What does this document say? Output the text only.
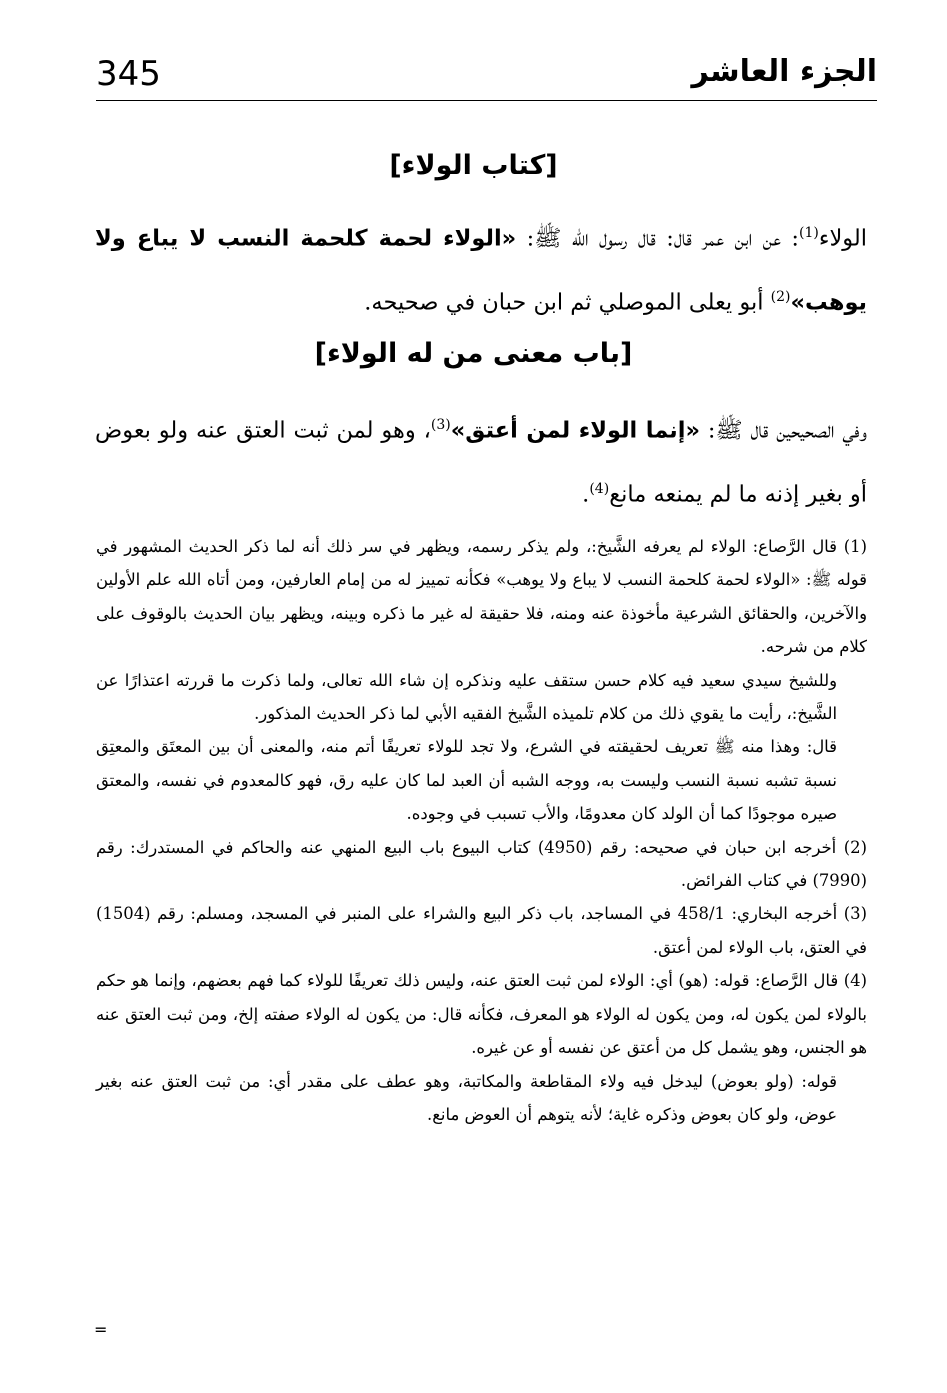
345	الجزء العاشر
[كتاب الولاء]
الولاء$^{(1)}$: عن ابن عمر قال: قال رسول الله ﷺ: «الولاء لحمة كلحمة النسب لا يباع ولا يوهب»$^{(2)}$ أبو يعلى الموصلي ثم ابن حبان في صحيحه.
[باب معنى من له الولاء]
وفي الصحيحين قال ﷺ: «إنما الولاء لمن أعتق»$^{(3)}$، وهو لمن ثبت العتق عنه ولو بعوض أو بغير إذنه ما لم يمنعه مانع$^{(4)}$.
(1) قال الرَّصاع: الولاء لم يعرفه الشَّيخ:، ولم يذكر رسمه، ويظهر في سر ذلك أنه لما ذكر الحديث المشهور في قوله ﷺ: «الولاء لحمة كلحمة النسب لا يباع ولا يوهب» فكأنه تمييز له من إمام العارفين، ومن أتاه الله علم الأولين والآخرين، والحقائق الشرعية مأخوذة عنه ومنه، فلا حقيقة له غير ما ذكره وبينه، ويظهر بيان الحديث بالوقوف على كلام من شرحه.
وللشيخ سيدي سعيد فيه كلام حسن ستقف عليه ونذكره إن شاء الله تعالى، ولما ذكرت ما قررته اعتذارًا عن الشَّيخ:، رأيت ما يقوي ذلك من كلام تلميذه الشَّيخ الفقيه الأبي لما ذكر الحديث المذكور.
قال: وهذا منه ﷺ تعريف لحقيقته في الشرع، ولا تجد للولاء تعريفًا أتم منه، والمعنى أن بين المعتَق والمعتِق نسبة تشبه نسبة النسب وليست به، ووجه الشبه أن العبد لما كان عليه رق، فهو كالمعدوم في نفسه، والمعتق صيره موجودًا كما أن الولد كان معدومًا، والأب تسبب في وجوده.
(2) أخرجه ابن حبان في صحيحه: رقم (4950) كتاب البيوع باب البيع المنهي عنه والحاكم في المستدرك: رقم (7990) في كتاب الفرائض.
(3) أخرجه البخاري: 458/1 في المساجد، باب ذكر البيع والشراء على المنبر في المسجد، ومسلم: رقم (1504) في العتق، باب الولاء لمن أعتق.
(4) قال الرَّصاع: قوله: (هو) أي: الولاء لمن ثبت العتق عنه، وليس ذلك تعريفًا للولاء كما فهم بعضهم، وإنما هو حكم بالولاء لمن يكون له، ومن يكون له الولاء هو المعرف، فكأنه قال: من يكون له الولاء صفته إلخ، ومن ثبت العتق عنه هو الجنس، وهو يشمل كل من أعتق عن نفسه أو عن غيره.
قوله: (ولو بعوض) ليدخل فيه ولاء المقاطعة والمكاتبة، وهو عطف على مقدر أي: من ثبت العتق عنه بغير عوض، ولو كان بعوض وذكره غاية؛ لأنه يتوهم أن العوض مانع.
=
